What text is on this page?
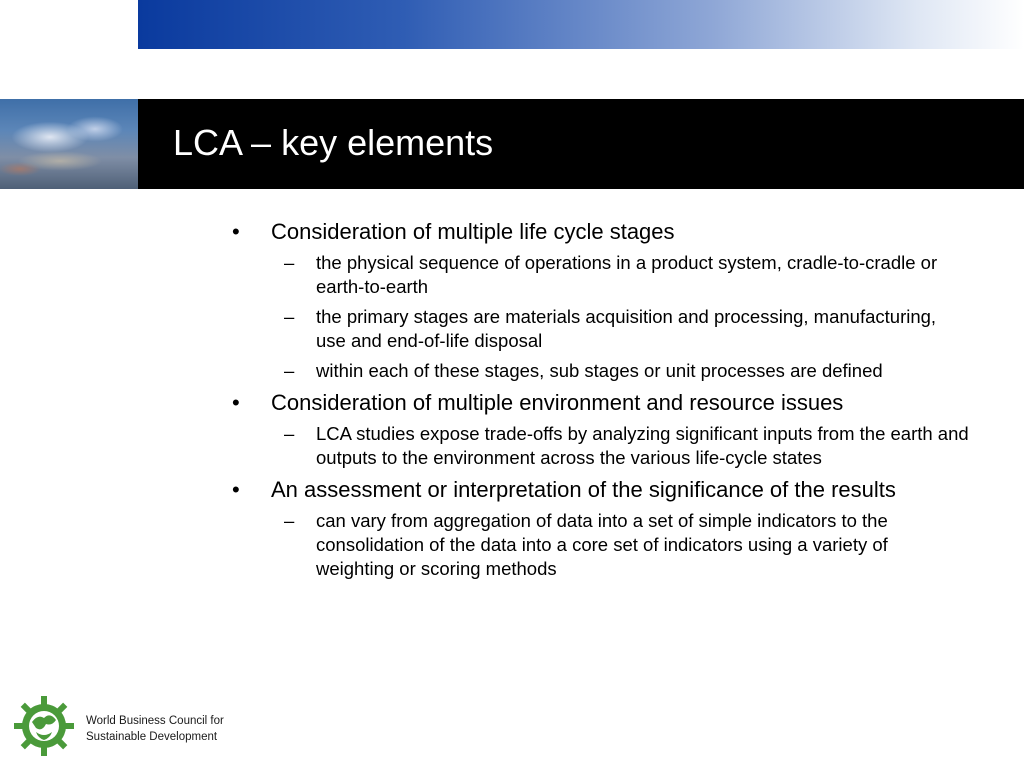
LCA – key elements
• Consideration of multiple life cycle stages
– the physical sequence of operations in a product system, cradle-to-cradle or earth-to-earth
– the primary stages are materials acquisition and processing, manufacturing, use and end-of-life disposal
– within each of these stages, sub stages or unit processes are defined
• Consideration of multiple environment and resource issues
– LCA studies expose trade-offs by analyzing significant inputs from the earth and outputs to the environment across the various life-cycle states
• An assessment or interpretation of the significance of the results
– can vary from aggregation of data into a set of simple indicators to the consolidation of the data into a core set of indicators using a variety of weighting or scoring methods
World Business Council for
Sustainable Development
